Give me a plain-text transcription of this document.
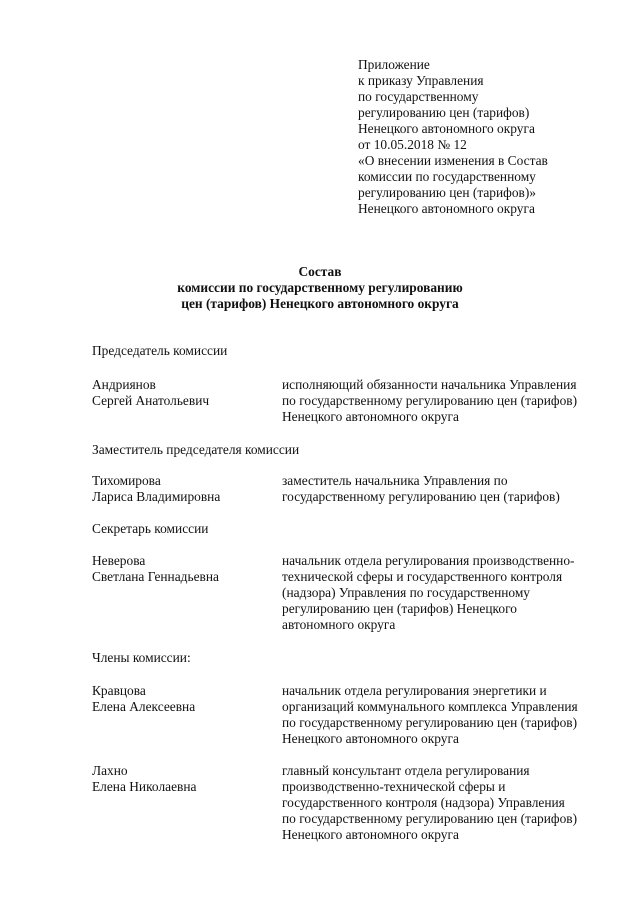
Приложение
к приказу Управления
по государственному
регулированию цен (тарифов)
Ненецкого автономного округа
от 10.05.2018 № 12
«О внесении изменения в Состав
комиссии по государственному
регулированию цен (тарифов)»
Ненецкого автономного округа
Состав
комиссии по государственному регулированию
цен (тарифов) Ненецкого автономного округа
Председатель комиссии
Андриянов
Сергей Анатольевич
исполняющий обязанности начальника Управления
по государственному регулированию цен (тарифов)
Ненецкого автономного округа
Заместитель председателя комиссии
Тихомирова
Лариса Владимировна
заместитель начальника Управления по
государственному регулированию цен (тарифов)
Секретарь комиссии
Неверова
Светлана Геннадьевна
начальник отдела регулирования производственно-
технической сферы и государственного контроля
(надзора) Управления по государственному
регулированию цен (тарифов) Ненецкого
автономного округа
Члены комиссии:
Кравцова
Елена Алексеевна
начальник отдела регулирования энергетики и
организаций коммунального комплекса Управления
по государственному регулированию цен (тарифов)
Ненецкого автономного округа
Лахно
Елена Николаевна
главный консультант отдела регулирования
производственно-технической сферы и
государственного контроля (надзора) Управления
по государственному регулированию цен (тарифов)
Ненецкого автономного округа
